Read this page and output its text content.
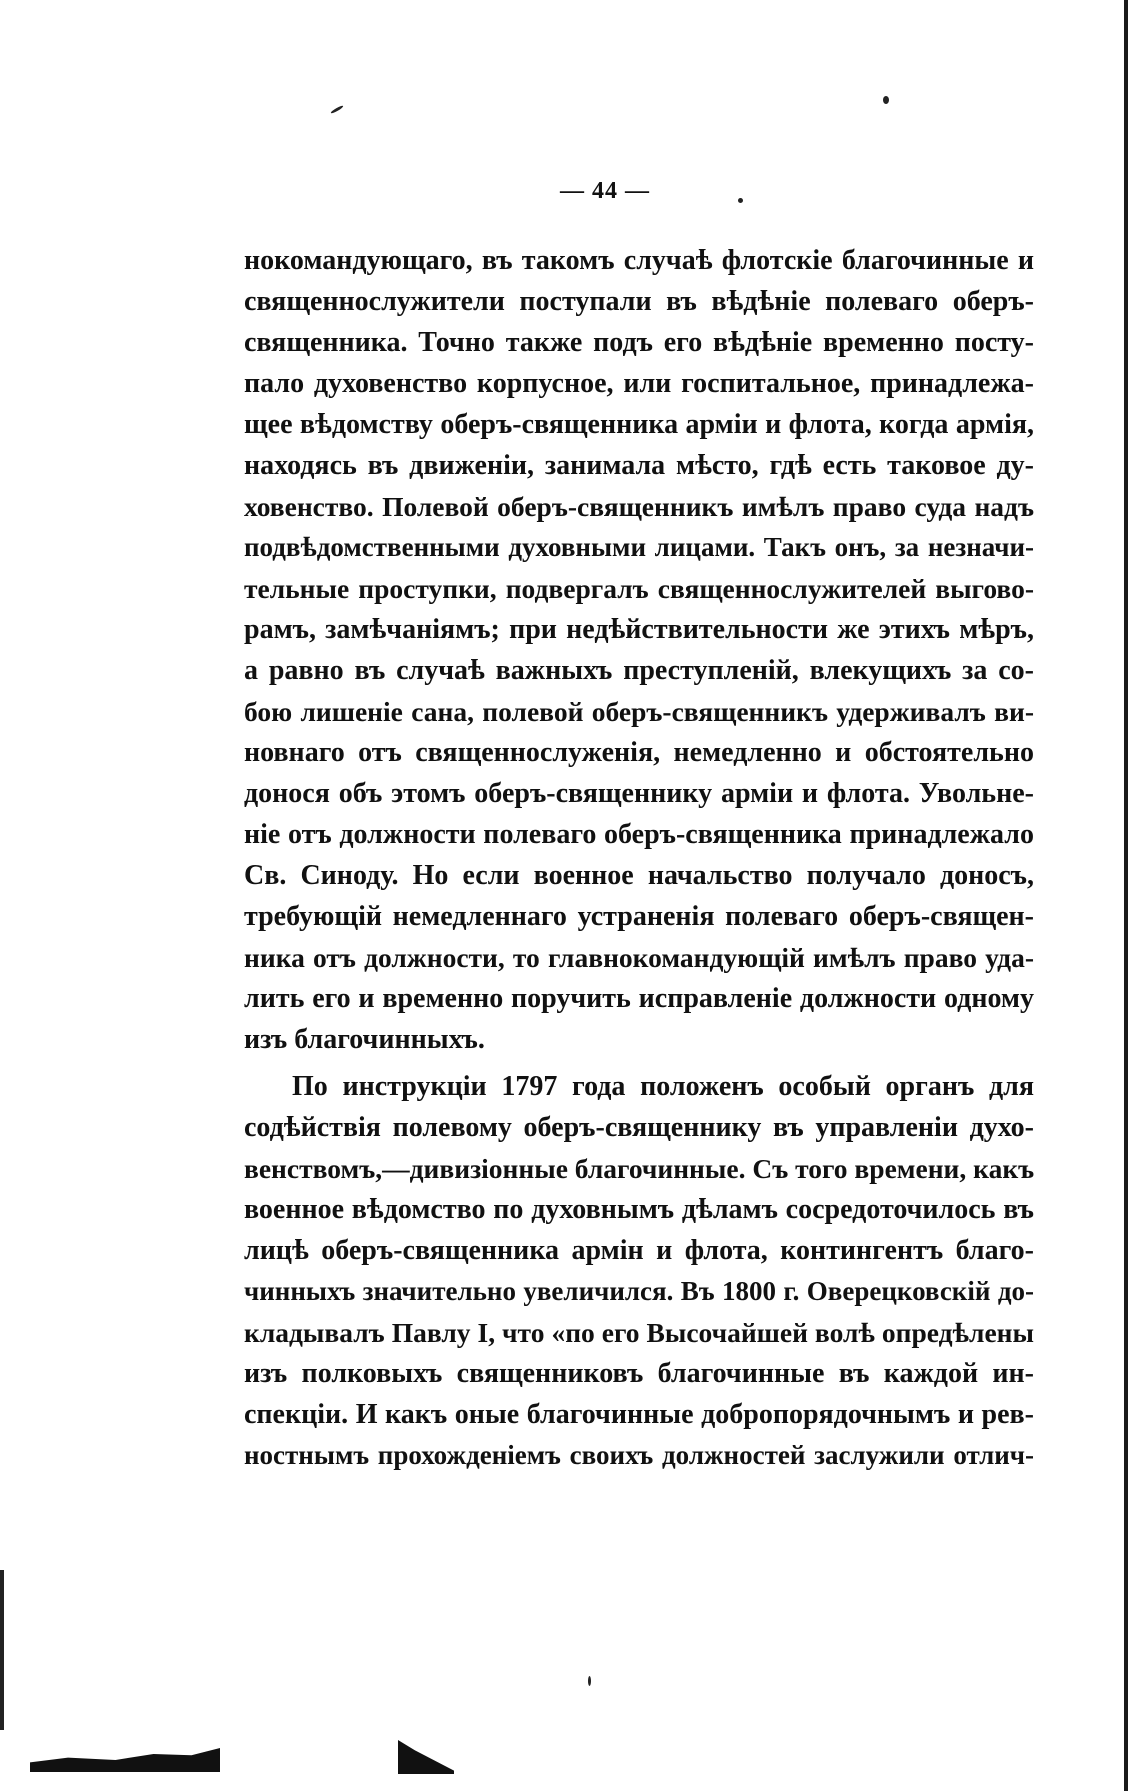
— 44 —

нокомандующаго, въ такомъ случаѣ флотскіе благочинные и
священнослужители поступали въ вѣдѣніе полеваго оберъ-
священника. Точно также подъ его вѣдѣніе временно посту-
пало духовенство корпусное, или госпитальное, принадлежа-
щее вѣдомству оберъ-священника арміи и флота, когда армія,
находясь въ движеніи, занимала мѣсто, гдѣ есть таковое ду-
ховенство. Полевой оберъ-священникъ имѣлъ право суда надъ
подвѣдомственными духовными лицами. Такъ онъ, за незначи-
тельные проступки, подвергалъ священнослужителей выгово-
рамъ, замѣчаніямъ; при недѣйствительности же этихъ мѣръ,
а равно въ случаѣ важныхъ преступленій, влекущихъ за со-
бою лишеніе сана, полевой оберъ-священникъ удерживалъ ви-
новнаго отъ священнослуженія, немедленно и обстоятельно
донося объ этомъ оберъ-священнику арміи и флота. Увольне-
ніе отъ должности полеваго оберъ-священника принадлежало
Св. Синоду. Но если военное начальство получало доносъ,
требующій немедленнаго устраненія полеваго оберъ-священ-
ника отъ должности, то главнокомандующій имѣлъ право уда-
лить его и временно поручить исправленіе должности одному
изъ благочинныхъ.

По инструкціи 1797 года положенъ особый органъ для
содѣйствія полевому оберъ-священнику въ управленіи духо-
венствомъ,—дивизіонные благочинные. Съ того времени, какъ
военное вѣдомство по духовнымъ дѣламъ сосредоточилось въ
лицѣ оберъ-священника армін и флота, контингентъ благо-
чинныхъ значительно увеличился. Въ 1800 г. Оверецковскій до-
кладывалъ Павлу I, что «по его Высочайшей волѣ опредѣлены
изъ полковыхъ священниковъ благочинные въ каждой ин-
спекціи. И какъ оные благочинные добропорядочнымъ и рев-
ностнымъ прохожденіемъ своихъ должностей заслужили отлич-
